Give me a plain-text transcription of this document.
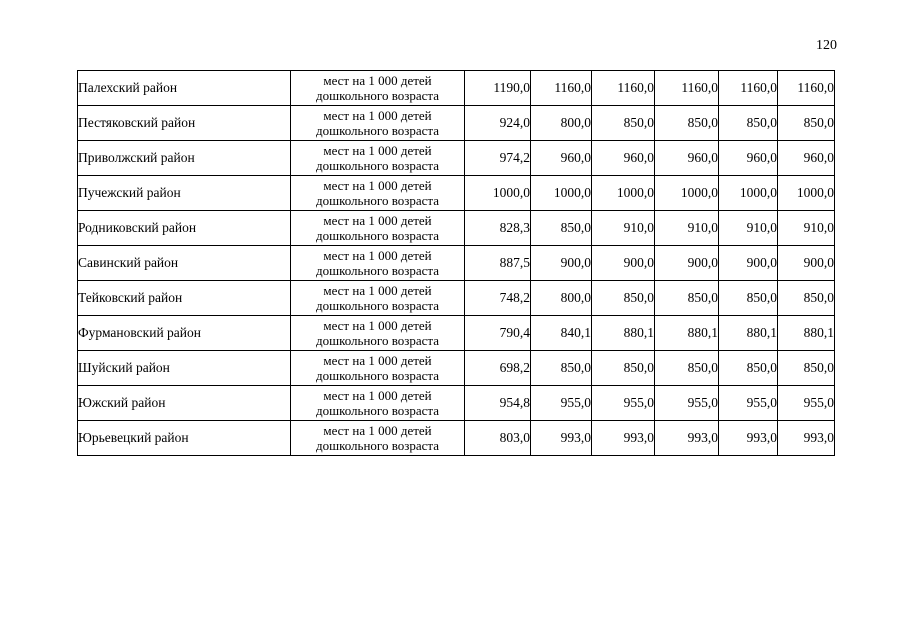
120
Палехский район	мест на 1 000 детей
дошкольного возраста	1190,0	1160,0	1160,0	1160,0	1160,0	1160,0
Пестяковский район	мест на 1 000 детей
дошкольного возраста	924,0	800,0	850,0	850,0	850,0	850,0
Приволжский район	мест на 1 000 детей
дошкольного возраста	974,2	960,0	960,0	960,0	960,0	960,0
Пучежский район	мест на 1 000 детей
дошкольного возраста	1000,0	1000,0	1000,0	1000,0	1000,0	1000,0
Родниковский район	мест на 1 000 детей
дошкольного возраста	828,3	850,0	910,0	910,0	910,0	910,0
Савинский район	мест на 1 000 детей
дошкольного возраста	887,5	900,0	900,0	900,0	900,0	900,0
Тейковский район	мест на 1 000 детей
дошкольного возраста	748,2	800,0	850,0	850,0	850,0	850,0
Фурмановский район	мест на 1 000 детей
дошкольного возраста	790,4	840,1	880,1	880,1	880,1	880,1
Шуйский район	мест на 1 000 детей
дошкольного возраста	698,2	850,0	850,0	850,0	850,0	850,0
Южский район	мест на 1 000 детей
дошкольного возраста	954,8	955,0	955,0	955,0	955,0	955,0
Юрьевецкий район	мест на 1 000 детей
дошкольного возраста	803,0	993,0	993,0	993,0	993,0	993,0
